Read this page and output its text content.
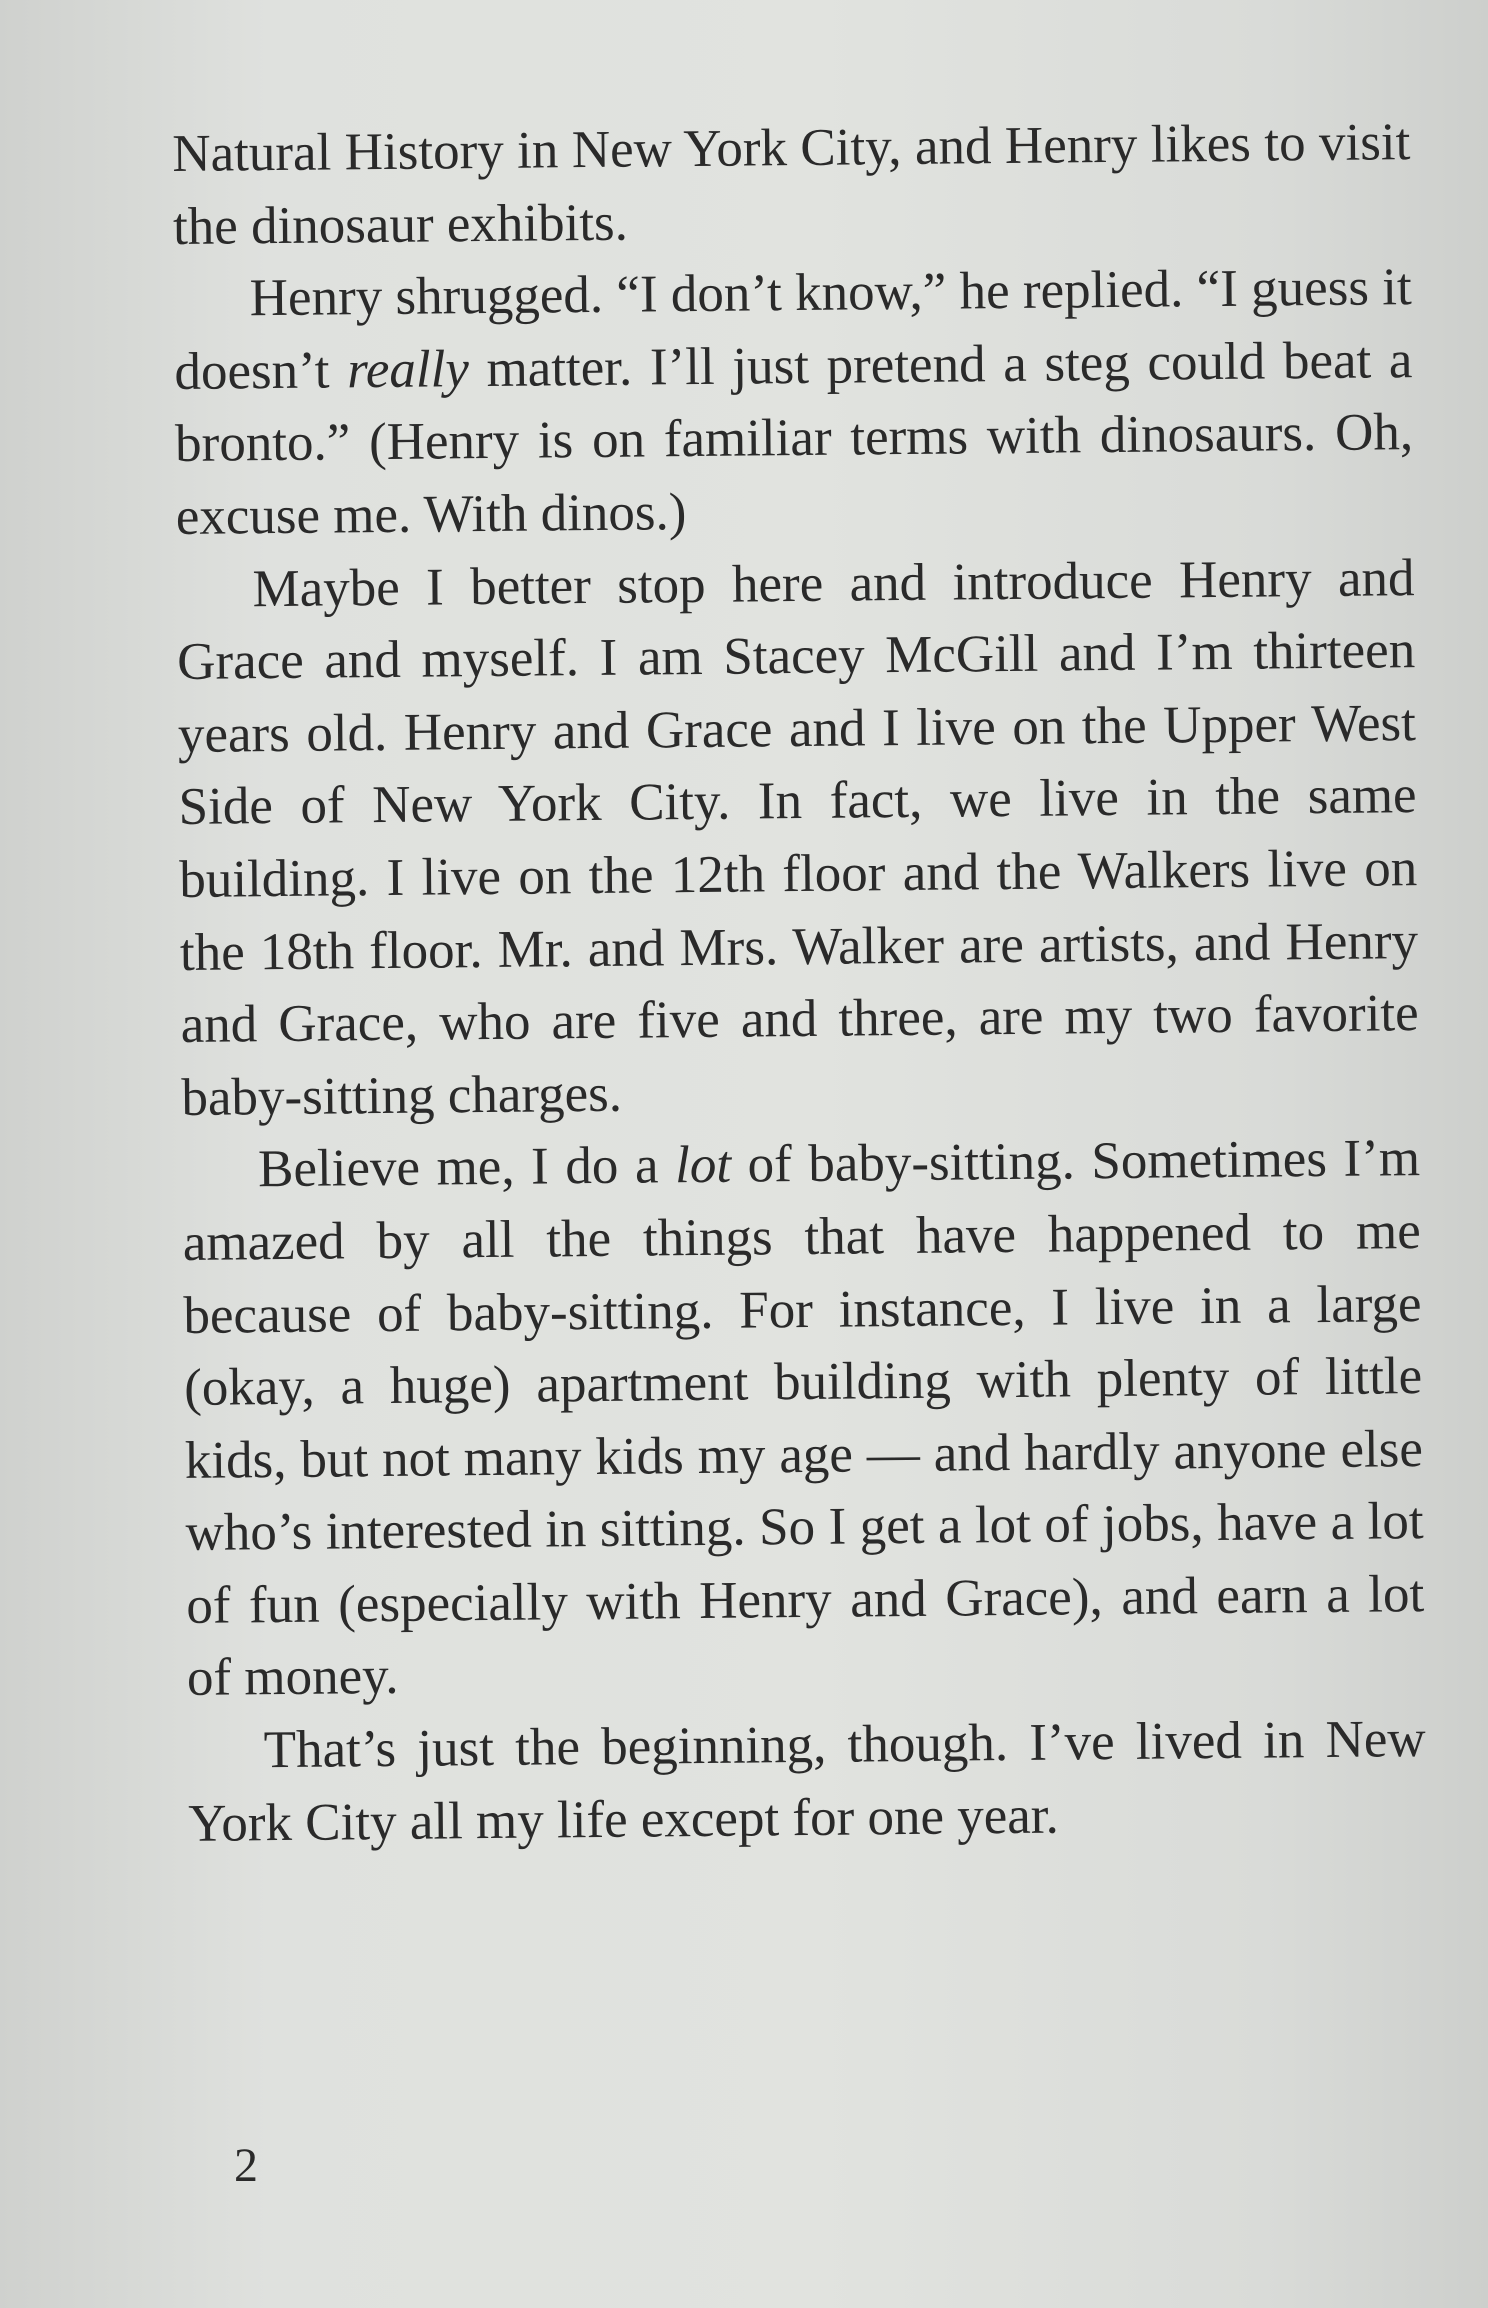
Natural History in New York City, and Henry likes to visit the dinosaur exhibits.

Henry shrugged. “I don’t know,” he replied. “I guess it doesn’t really matter. I’ll just pretend a steg could beat a bronto.” (Henry is on familiar terms with dinosaurs. Oh, excuse me. With dinos.)

Maybe I better stop here and introduce Henry and Grace and myself. I am Stacey McGill and I’m thirteen years old. Henry and Grace and I live on the Upper West Side of New York City. In fact, we live in the same building. I live on the 12th floor and the Walkers live on the 18th floor. Mr. and Mrs. Walker are artists, and Henry and Grace, who are five and three, are my two favorite baby-sitting charges.

Believe me, I do a lot of baby-sitting. Sometimes I’m amazed by all the things that have happened to me because of baby-sitting. For instance, I live in a large (okay, a huge) apartment building with plenty of little kids, but not many kids my age — and hardly anyone else who’s interested in sitting. So I get a lot of jobs, have a lot of fun (especially with Henry and Grace), and earn a lot of money.

That’s just the beginning, though. I’ve lived in New York City all my life except for one year.

2
